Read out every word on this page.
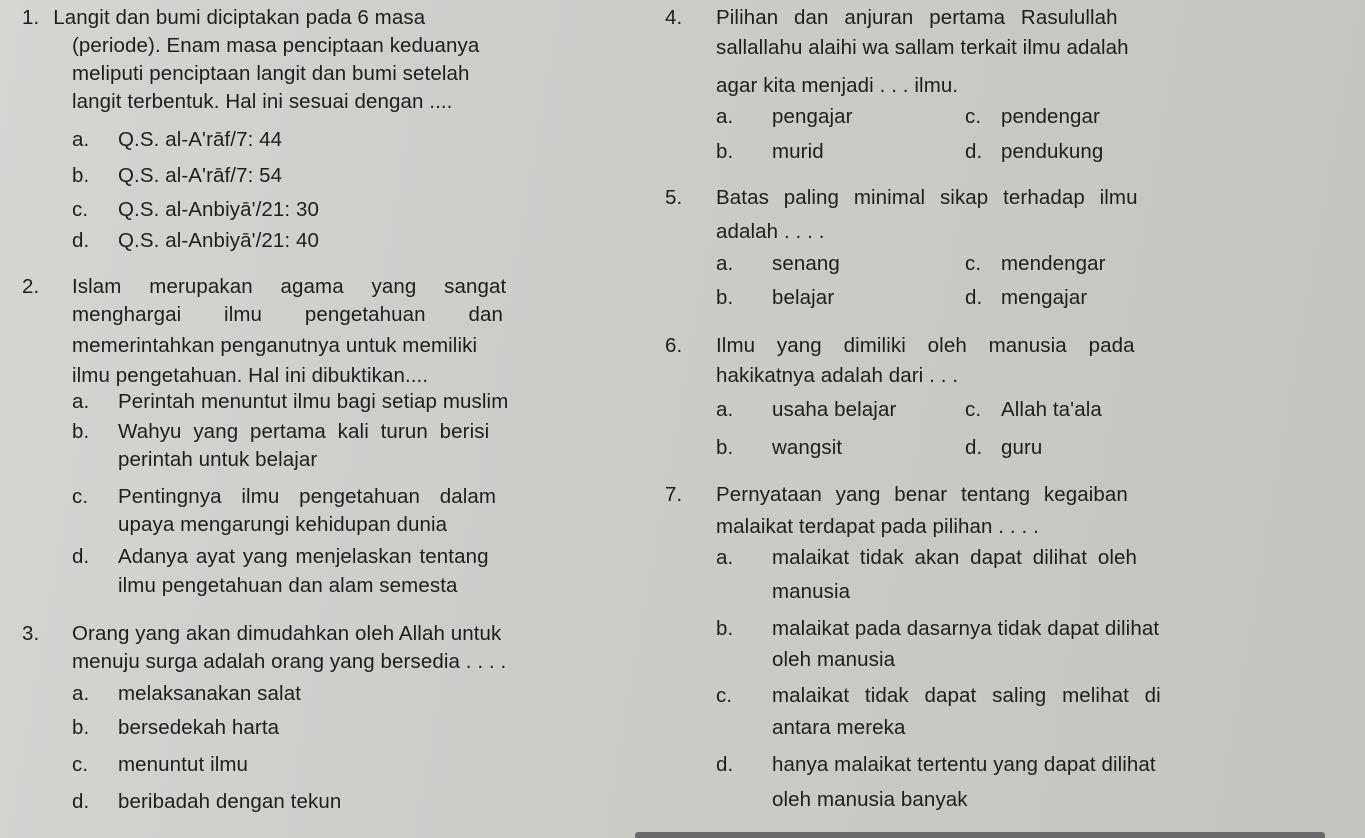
1. Langit dan bumi diciptakan pada 6 masa
(periode). Enam masa penciptaan keduanya
meliputi penciptaan langit dan bumi setelah
langit terbentuk. Hal ini sesuai dengan ....
a. Q.S. al-A'rāf/7: 44
b. Q.S. al-A'rāf/7: 54
c. Q.S. al-Anbiyā'/21: 30
d. Q.S. al-Anbiyā'/21: 40
2. Islam merupakan agama yang sangat
menghargai ilmu pengetahuan dan
memerintahkan penganutnya untuk memiliki
ilmu pengetahuan. Hal ini dibuktikan....
a. Perintah menuntut ilmu bagi setiap muslim
b. Wahyu yang pertama kali turun berisi
perintah untuk belajar
c. Pentingnya ilmu pengetahuan dalam
upaya mengarungi kehidupan dunia
d. Adanya ayat yang menjelaskan tentang
ilmu pengetahuan dan alam semesta
3. Orang yang akan dimudahkan oleh Allah untuk
menuju surga adalah orang yang bersedia . . . .
a. melaksanakan salat
b. bersedekah harta
c. menuntut ilmu
d. beribadah dengan tekun
4. Pilihan dan anjuran pertama Rasulullah
sallallahu alaihi wa sallam terkait ilmu adalah
agar kita menjadi . . . ilmu.
a. pengajar	c. pendengar
b. murid	d. pendukung
5. Batas paling minimal sikap terhadap ilmu
adalah . . . .
a. senang	c. mendengar
b. belajar	d. mengajar
6. Ilmu yang dimiliki oleh manusia pada
hakikatnya adalah dari . . .
a. usaha belajar	c. Allah ta'ala
b. wangsit	d. guru
7. Pernyataan yang benar tentang kegaiban
malaikat terdapat pada pilihan . . . .
a. malaikat tidak akan dapat dilihat oleh
manusia
b. malaikat pada dasarnya tidak dapat dilihat
oleh manusia
c. malaikat tidak dapat saling melihat di
antara mereka
d. hanya malaikat tertentu yang dapat dilihat
oleh manusia banyak
